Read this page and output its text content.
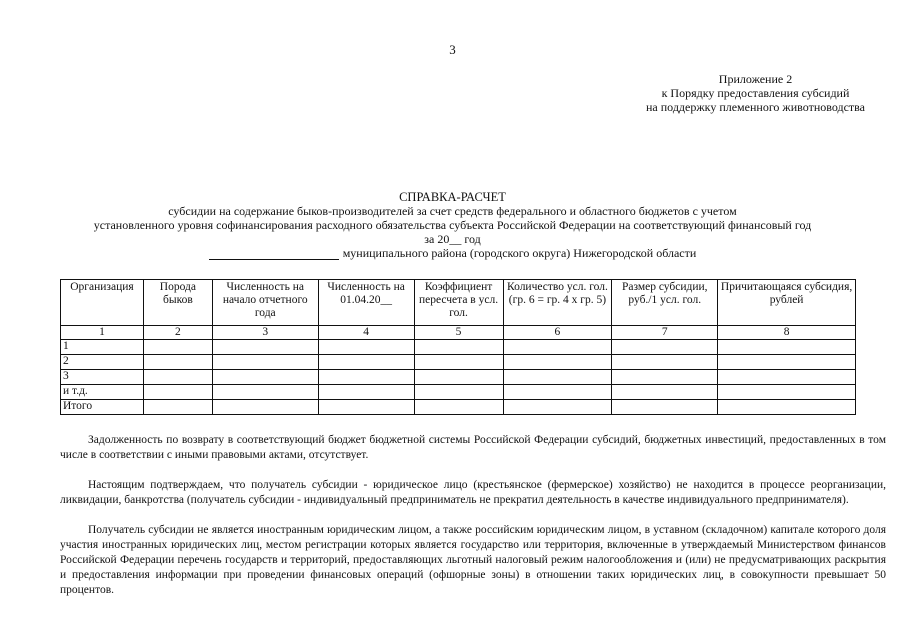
3
Приложение 2
к Порядку предоставления субсидий
на поддержку племенного животноводства
СПРАВКА-РАСЧЕТ
субсидии на содержание быков-производителей за счет средств федерального и областного бюджетов с учетом
установленного уровня софинансирования расходного обязательства субъекта Российской Федерации на соответствующий финансовый год
за 20__ год
муниципального района (городского округа) Нижегородской области
Организация	Порода быков	Численность на начало отчетного года	Численность на 01.04.20__	Коэффициент пересчета в усл. гол.	Количество усл. гол. (гр. 6 = гр. 4 x гр. 5)	Размер субсидии, руб./1 усл. гол.	Причитающаяся субсидия, рублей
1	2	3	4	5	6	7	8
1							
2							
3							
и т.д.							
Итого							

Задолженность по возврату в соответствующий бюджет бюджетной системы Российской Федерации субсидий, бюджетных инвестиций, предоставленных в том числе в соответствии с иными правовыми актами, отсутствует.

Настоящим подтверждаем, что получатель субсидии - юридическое лицо (крестьянское (фермерское) хозяйство) не находится в процессе реорганизации, ликвидации, банкротства (получатель субсидии - индивидуальный предприниматель не прекратил деятельность в качестве индивидуального предпринимателя).

Получатель субсидии не является иностранным юридическим лицом, а также российским юридическим лицом, в уставном (складочном) капитале которого доля участия иностранных юридических лиц, местом регистрации которых является государство или территория, включенные в утверждаемый Министерством финансов Российской Федерации перечень государств и территорий, предоставляющих льготный налоговый режим налогообложения и (или) не предусматривающих раскрытия и предоставления информации при проведении финансовых операций (офшорные зоны) в отношении таких юридических лиц, в совокупности превышает 50 процентов.
